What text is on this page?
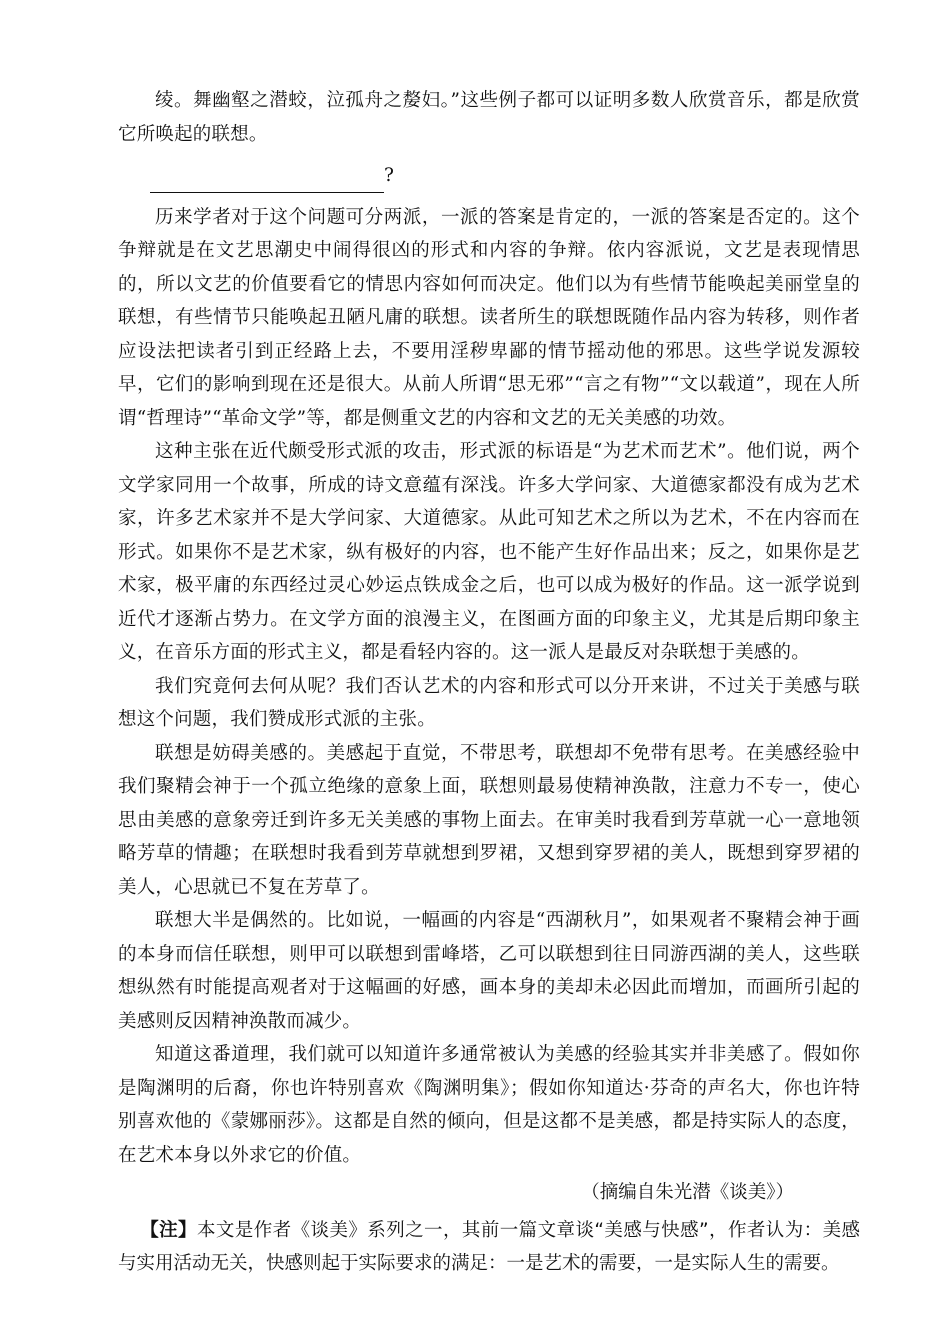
绫。舞幽壑之潜蛟，泣孤舟之嫠妇。”这些例子都可以证明多数人欣赏音乐，都是欣赏它所唤起的联想。

?

历来学者对于这个问题可分两派，一派的答案是肯定的，一派的答案是否定的。这个争辩就是在文艺思潮史中闹得很凶的形式和内容的争辩。依内容派说，文艺是表现情思的，所以文艺的价值要看它的情思内容如何而决定。他们以为有些情节能唤起美丽堂皇的联想，有些情节只能唤起丑陋凡庸的联想。读者所生的联想既随作品内容为转移，则作者应设法把读者引到正经路上去，不要用淫秽卑鄙的情节摇动他的邪思。这些学说发源较早，它们的影响到现在还是很大。从前人所谓“思无邪”“言之有物”“文以载道”，现在人所谓“哲理诗”“革命文学”等，都是侧重文艺的内容和文艺的无关美感的功效。

这种主张在近代颇受形式派的攻击，形式派的标语是“为艺术而艺术”。他们说，两个文学家同用一个故事，所成的诗文意蕴有深浅。许多大学问家、大道德家都没有成为艺术家，许多艺术家并不是大学问家、大道德家。从此可知艺术之所以为艺术，不在内容而在形式。如果你不是艺术家，纵有极好的内容，也不能产生好作品出来；反之，如果你是艺术家，极平庸的东西经过灵心妙运点铁成金之后，也可以成为极好的作品。这一派学说到近代才逐渐占势力。在文学方面的浪漫主义，在图画方面的印象主义，尤其是后期印象主义，在音乐方面的形式主义，都是看轻内容的。这一派人是最反对杂联想于美感的。

我们究竟何去何从呢？我们否认艺术的内容和形式可以分开来讲，不过关于美感与联想这个问题，我们赞成形式派的主张。

联想是妨碍美感的。美感起于直觉，不带思考，联想却不免带有思考。在美感经验中我们聚精会神于一个孤立绝缘的意象上面，联想则最易使精神涣散，注意力不专一，使心思由美感的意象旁迁到许多无关美感的事物上面去。在审美时我看到芳草就一心一意地领略芳草的情趣；在联想时我看到芳草就想到罗裙，又想到穿罗裙的美人，既想到穿罗裙的美人，心思就已不复在芳草了。

联想大半是偶然的。比如说，一幅画的内容是“西湖秋月”，如果观者不聚精会神于画的本身而信任联想，则甲可以联想到雷峰塔，乙可以联想到往日同游西湖的美人，这些联想纵然有时能提高观者对于这幅画的好感，画本身的美却未必因此而增加，而画所引起的美感则反因精神涣散而减少。

知道这番道理，我们就可以知道许多通常被认为美感的经验其实并非美感了。假如你是陶渊明的后裔，你也许特别喜欢《陶渊明集》；假如你知道达·芬奇的声名大，你也许特别喜欢他的《蒙娜丽莎》。这都是自然的倾向，但是这都不是美感，都是持实际人的态度，在艺术本身以外求它的价值。

（摘编自朱光潜《谈美》）
【注】本文是作者《谈美》系列之一，其前一篇文章谈“美感与快感”，作者认为：美感与实用活动无关，快感则起于实际要求的满足：一是艺术的需要，一是实际人生的需要。
